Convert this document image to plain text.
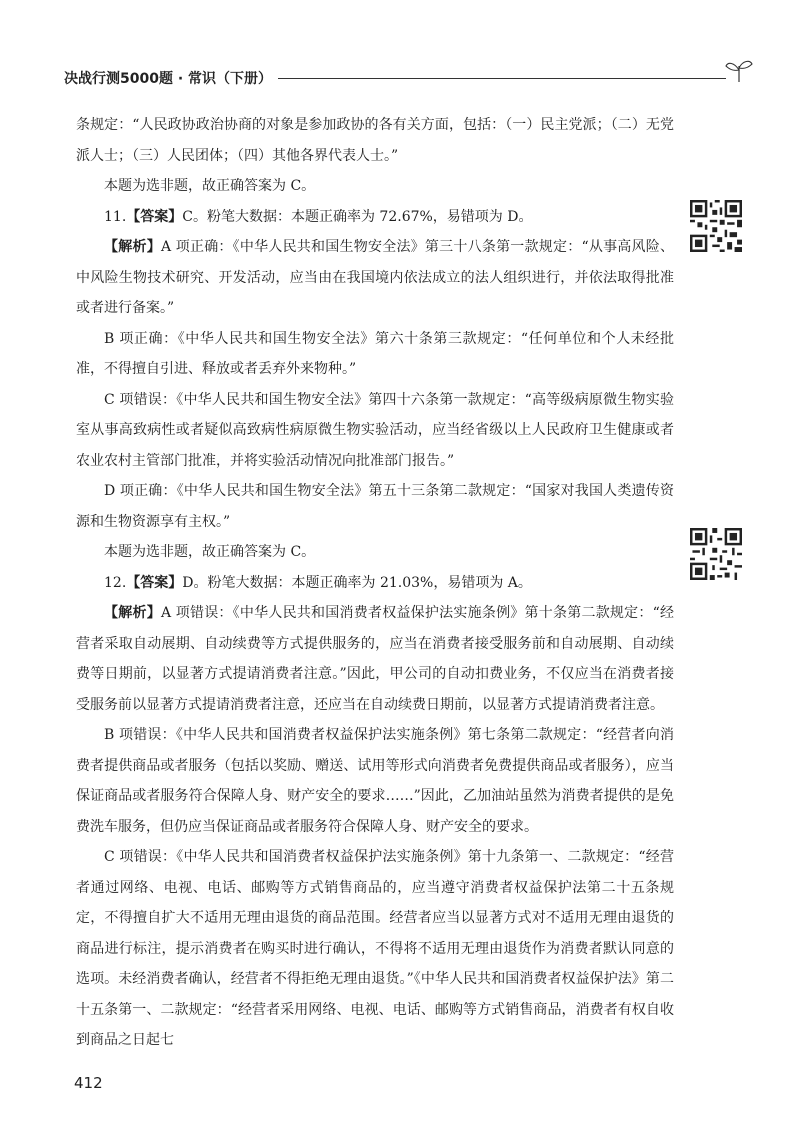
决战行测5000题 · 常识（下册）

条规定：“人民政协政治协商的对象是参加政协的各有关方面，包括：（一）民主党派；（二）无党派人士；（三）人民团体；（四）其他各界代表人士。”

本题为选非题，故正确答案为 C。

11.【答案】C。粉笔大数据：本题正确率为 72.67%，易错项为 D。

【解析】A 项正确：《中华人民共和国生物安全法》第三十八条第一款规定：“从事高风险、中风险生物技术研究、开发活动，应当由在我国境内依法成立的法人组织进行，并依法取得批准或者进行备案。”

B 项正确：《中华人民共和国生物安全法》第六十条第三款规定：“任何单位和个人未经批准，不得擅自引进、释放或者丢弃外来物种。”

C 项错误：《中华人民共和国生物安全法》第四十六条第一款规定：“高等级病原微生物实验室从事高致病性或者疑似高致病性病原微生物实验活动，应当经省级以上人民政府卫生健康或者农业农村主管部门批准，并将实验活动情况向批准部门报告。”

D 项正确：《中华人民共和国生物安全法》第五十三条第二款规定：“国家对我国人类遗传资源和生物资源享有主权。”

本题为选非题，故正确答案为 C。

12.【答案】D。粉笔大数据：本题正确率为 21.03%，易错项为 A。

【解析】A 项错误：《中华人民共和国消费者权益保护法实施条例》第十条第二款规定：“经营者采取自动展期、自动续费等方式提供服务的，应当在消费者接受服务前和自动展期、自动续费等日期前，以显著方式提请消费者注意。”因此，甲公司的自动扣费业务，不仅应当在消费者接受服务前以显著方式提请消费者注意，还应当在自动续费日期前，以显著方式提请消费者注意。

B 项错误：《中华人民共和国消费者权益保护法实施条例》第七条第二款规定：“经营者向消费者提供商品或者服务（包括以奖励、赠送、试用等形式向消费者免费提供商品或者服务），应当保证商品或者服务符合保障人身、财产安全的要求……”因此，乙加油站虽然为消费者提供的是免费洗车服务，但仍应当保证商品或者服务符合保障人身、财产安全的要求。

C 项错误：《中华人民共和国消费者权益保护法实施条例》第十九条第一、二款规定：“经营者通过网络、电视、电话、邮购等方式销售商品的，应当遵守消费者权益保护法第二十五条规定，不得擅自扩大不适用无理由退货的商品范围。经营者应当以显著方式对不适用无理由退货的商品进行标注，提示消费者在购买时进行确认，不得将不适用无理由退货作为消费者默认同意的选项。未经消费者确认，经营者不得拒绝无理由退货。”《中华人民共和国消费者权益保护法》第二十五条第一、二款规定：“经营者采用网络、电视、电话、邮购等方式销售商品，消费者有权自收到商品之日起七

412
